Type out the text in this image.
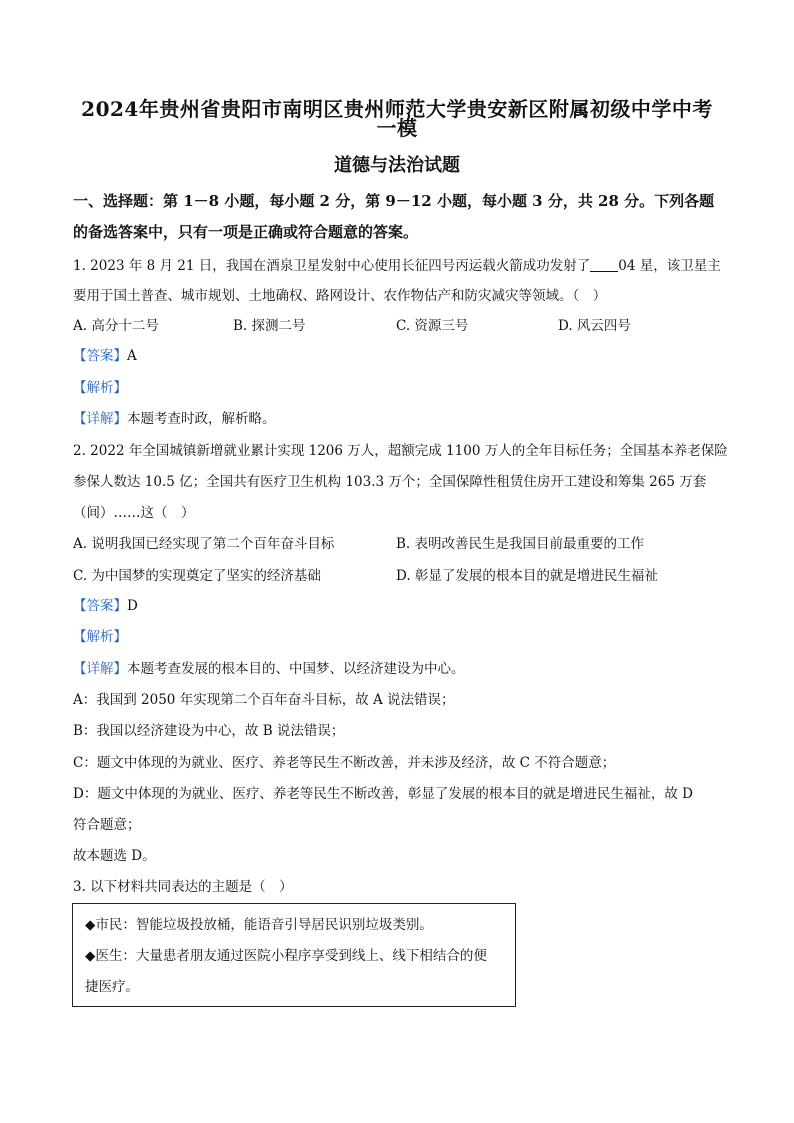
2024年贵州省贵阳市南明区贵州师范大学贵安新区附属初级中学中考
一模
道德与法治试题
一、选择题：第 1－8 小题，每小题 2 分，第 9－12 小题，每小题 3 分，共 28 分。下列各题
的备选答案中，只有一项是正确或符合题意的答案。
1. 2023 年 8 月 21 日，我国在酒泉卫星发射中心使用长征四号丙运载火箭成功发射了 04 星，该卫星主
要用于国土普查、城市规划、土地确权、路网设计、农作物估产和防灾减灾等领域。（　）
A. 高分十二号	B. 探测二号	C. 资源三号	D. 风云四号
【答案】A
【解析】
【详解】本题考查时政，解析略。
2. 2022 年全国城镇新增就业累计实现 1206 万人，超额完成 1100 万人的全年目标任务；全国基本养老保险
参保人数达 10.5 亿；全国共有医疗卫生机构 103.3 万个；全国保障性租赁住房开工建设和筹集 265 万套
（间）……这（　）
A. 说明我国已经实现了第二个百年奋斗目标	B. 表明改善民生是我国目前最重要的工作
C. 为中国梦的实现奠定了坚实的经济基础	D. 彰显了发展的根本目的就是增进民生福祉
【答案】D
【解析】
【详解】本题考查发展的根本目的、中国梦、以经济建设为中心。
A：我国到 2050 年实现第二个百年奋斗目标，故 A 说法错误；
B：我国以经济建设为中心，故 B 说法错误；
C：题文中体现的为就业、医疗、养老等民生不断改善，并未涉及经济，故 C 不符合题意；
D：题文中体现的为就业、医疗、养老等民生不断改善，彰显了发展的根本目的就是增进民生福祉，故 D
符合题意；
故本题选 D。
3. 以下材料共同表达的主题是（　）
◆市民：智能垃圾投放桶，能语音引导居民识别垃圾类别。
◆医生：大量患者朋友通过医院小程序享受到线上、线下相结合的便
捷医疗。
